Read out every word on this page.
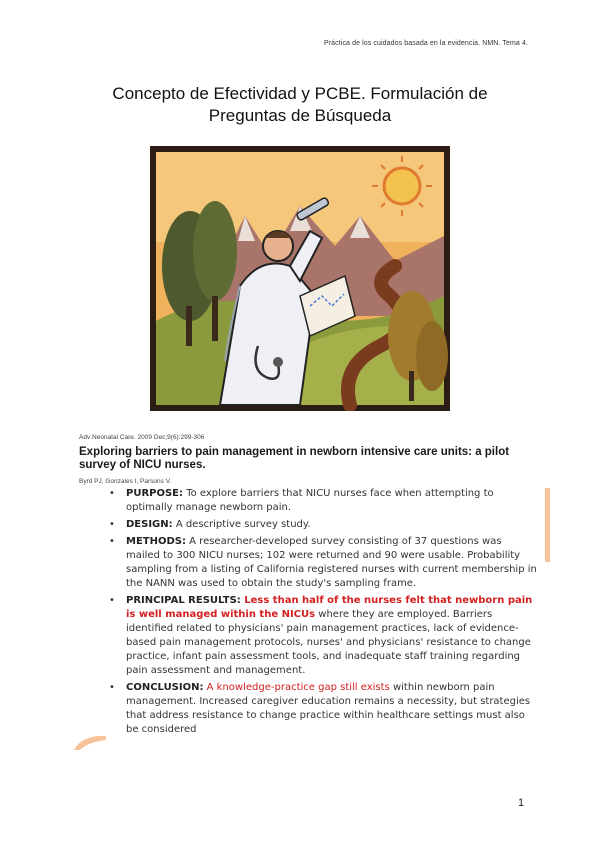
Práctica de los cuidados basada en la evidencia. NMN. Tema 4.
Concepto de Efectividad y PCBE. Formulación de
Preguntas de Búsqueda
Adv Neonatal Care. 2009 Dec;9(6):299-306
Exploring barriers to pain management in newborn intensive care units: a pilot survey of NICU nurses.
Byrd PJ, Gonzales I, Parsons V.
• PURPOSE: To explore barriers that NICU nurses face when attempting to optimally manage newborn pain.
• DESIGN: A descriptive survey study.
• METHODS: A researcher-developed survey consisting of 37 questions was mailed to 300 NICU nurses; 102 were returned and 90 were usable. Probability sampling from a listing of California registered nurses with current membership in the NANN was used to obtain the study's sampling frame.
• PRINCIPAL RESULTS: Less than half of the nurses felt that newborn pain is well managed within the NICUs where they are employed. Barriers identified related to physicians' pain management practices, lack of evidence-based pain management protocols, nurses' and physicians' resistance to change practice, infant pain assessment tools, and inadequate staff training regarding pain assessment and management.
• CONCLUSION: A knowledge-practice gap still exists within newborn pain management. Increased caregiver education remains a necessity, but strategies that address resistance to change practice within healthcare settings must also be considered
1
